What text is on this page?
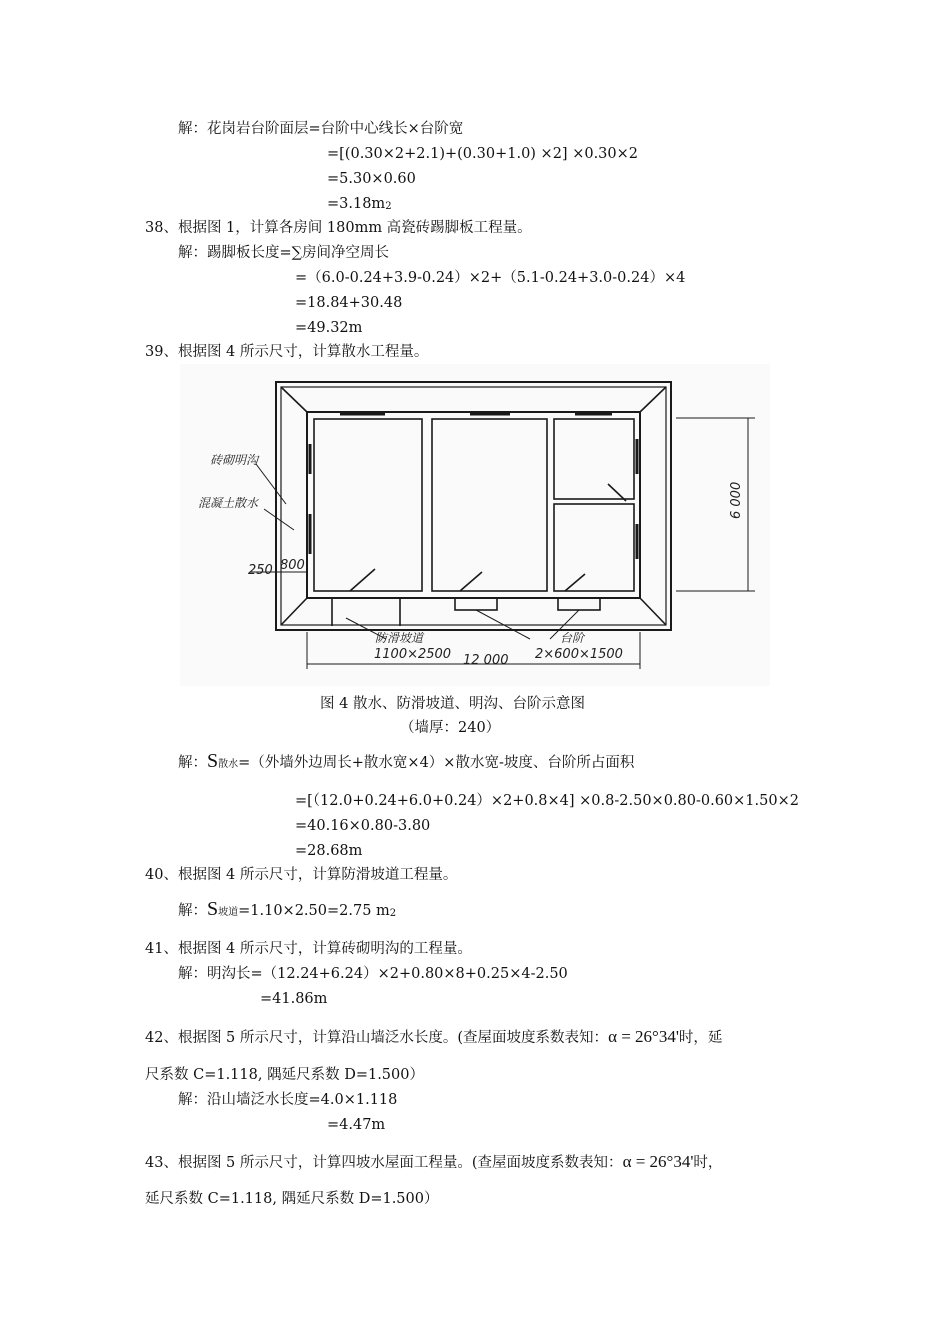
解：花岗岩台阶面层=台阶中心线长×台阶宽
=[(0.30×2+2.1)+(0.30+1.0) ×2] ×0.30×2
=5.30×0.60
=3.18m2
38、根据图 1，计算各房间 180mm 高瓷砖踢脚板工程量。
解：踢脚板长度=∑房间净空周长
=（6.0-0.24+3.9-0.24）×2+（5.1-0.24+3.0-0.24）×4
=18.84+30.48
=49.32m
39、根据图 4 所示尺寸，计算散水工程量。
砖砌明沟
混凝土散水
250 800
6 000
防滑坡道
1100×2500 12 000
台阶
2×600×1500
图 4 散水、防滑坡道、明沟、台阶示意图
（墙厚：240）
解：S散水=（外墙外边周长+散水宽×4）×散水宽-坡度、台阶所占面积
=[（12.0+0.24+6.0+0.24）×2+0.8×4] ×0.8-2.50×0.80-0.60×1.50×2
=40.16×0.80-3.80
=28.68m
40、根据图 4 所示尺寸，计算防滑坡道工程量。
解：S坡道=1.10×2.50=2.75 m2
41、根据图 4 所示尺寸，计算砖砌明沟的工程量。
解：明沟长=（12.24+6.24）×2+0.80×8+0.25×4-2.50
=41.86m
42、根据图 5 所示尺寸，计算沿山墙泛水长度。(查屋面坡度系数表知：α = 26°34'时，延
尺系数 C=1.118, 隅延尺系数 D=1.500）
解：沿山墙泛水长度=4.0×1.118
=4.47m
43、根据图 5 所示尺寸，计算四坡水屋面工程量。(查屋面坡度系数表知：α = 26°34'时，
延尺系数 C=1.118, 隅延尺系数 D=1.500）
